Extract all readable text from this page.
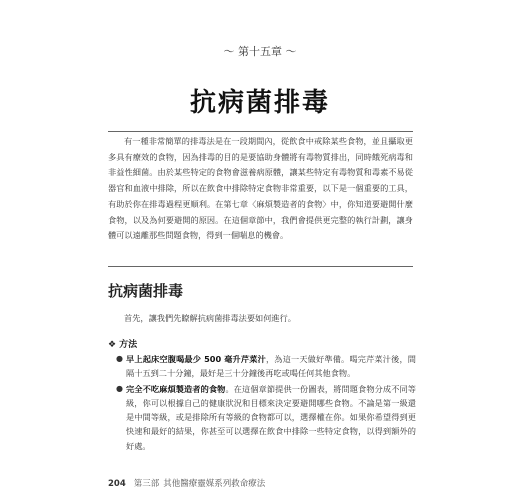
～ 第十五章 ～
抗病菌排毒

有一種非常簡單的排毒法是在一段期間內，從飲食中戒除某些食物，並且攝取更多具有療效的食物，因為排毒的目的是要協助身體將有毒物質排出，同時餓死病毒和非益性細菌。由於某些特定的食物會滋養病原體，讓某些特定有毒物質和毒素不易從器官和血液中排除，所以在飲食中排除特定食物非常重要，以下是一個重要的工具，有助於你在排毒過程更順利。在第七章〈麻煩製造者的食物〉中，你知道要避開什麼食物，以及為何要避開的原因。在這個章節中，我們會提供更完整的執行計劃，讓身體可以遠離那些問題食物，得到一個喘息的機會。

抗病菌排毒

首先，讓我們先瞭解抗病菌排毒法要如何進行。

❖ 方法
● 早上起床空腹喝最少 500 毫升芹菜汁，為這一天做好準備。喝完芹菜汁後，間隔十五到二十分鐘，最好是三十分鐘後再吃或喝任何其他食物。
● 完全不吃麻煩製造者的食物。在這個章節提供一份圖表，將問題食物分成不同等級，你可以根據自己的健康狀況和目標來決定要避開哪些食物。不論是第一級還是中間等級，或是排除所有等級的食物都可以，選擇權在你。如果你希望得到更快速和最好的結果，你甚至可以選擇在飲食中排除一些特定食物，以得到額外的好處。
204 第三部 其他醫療靈媒系列救命療法
